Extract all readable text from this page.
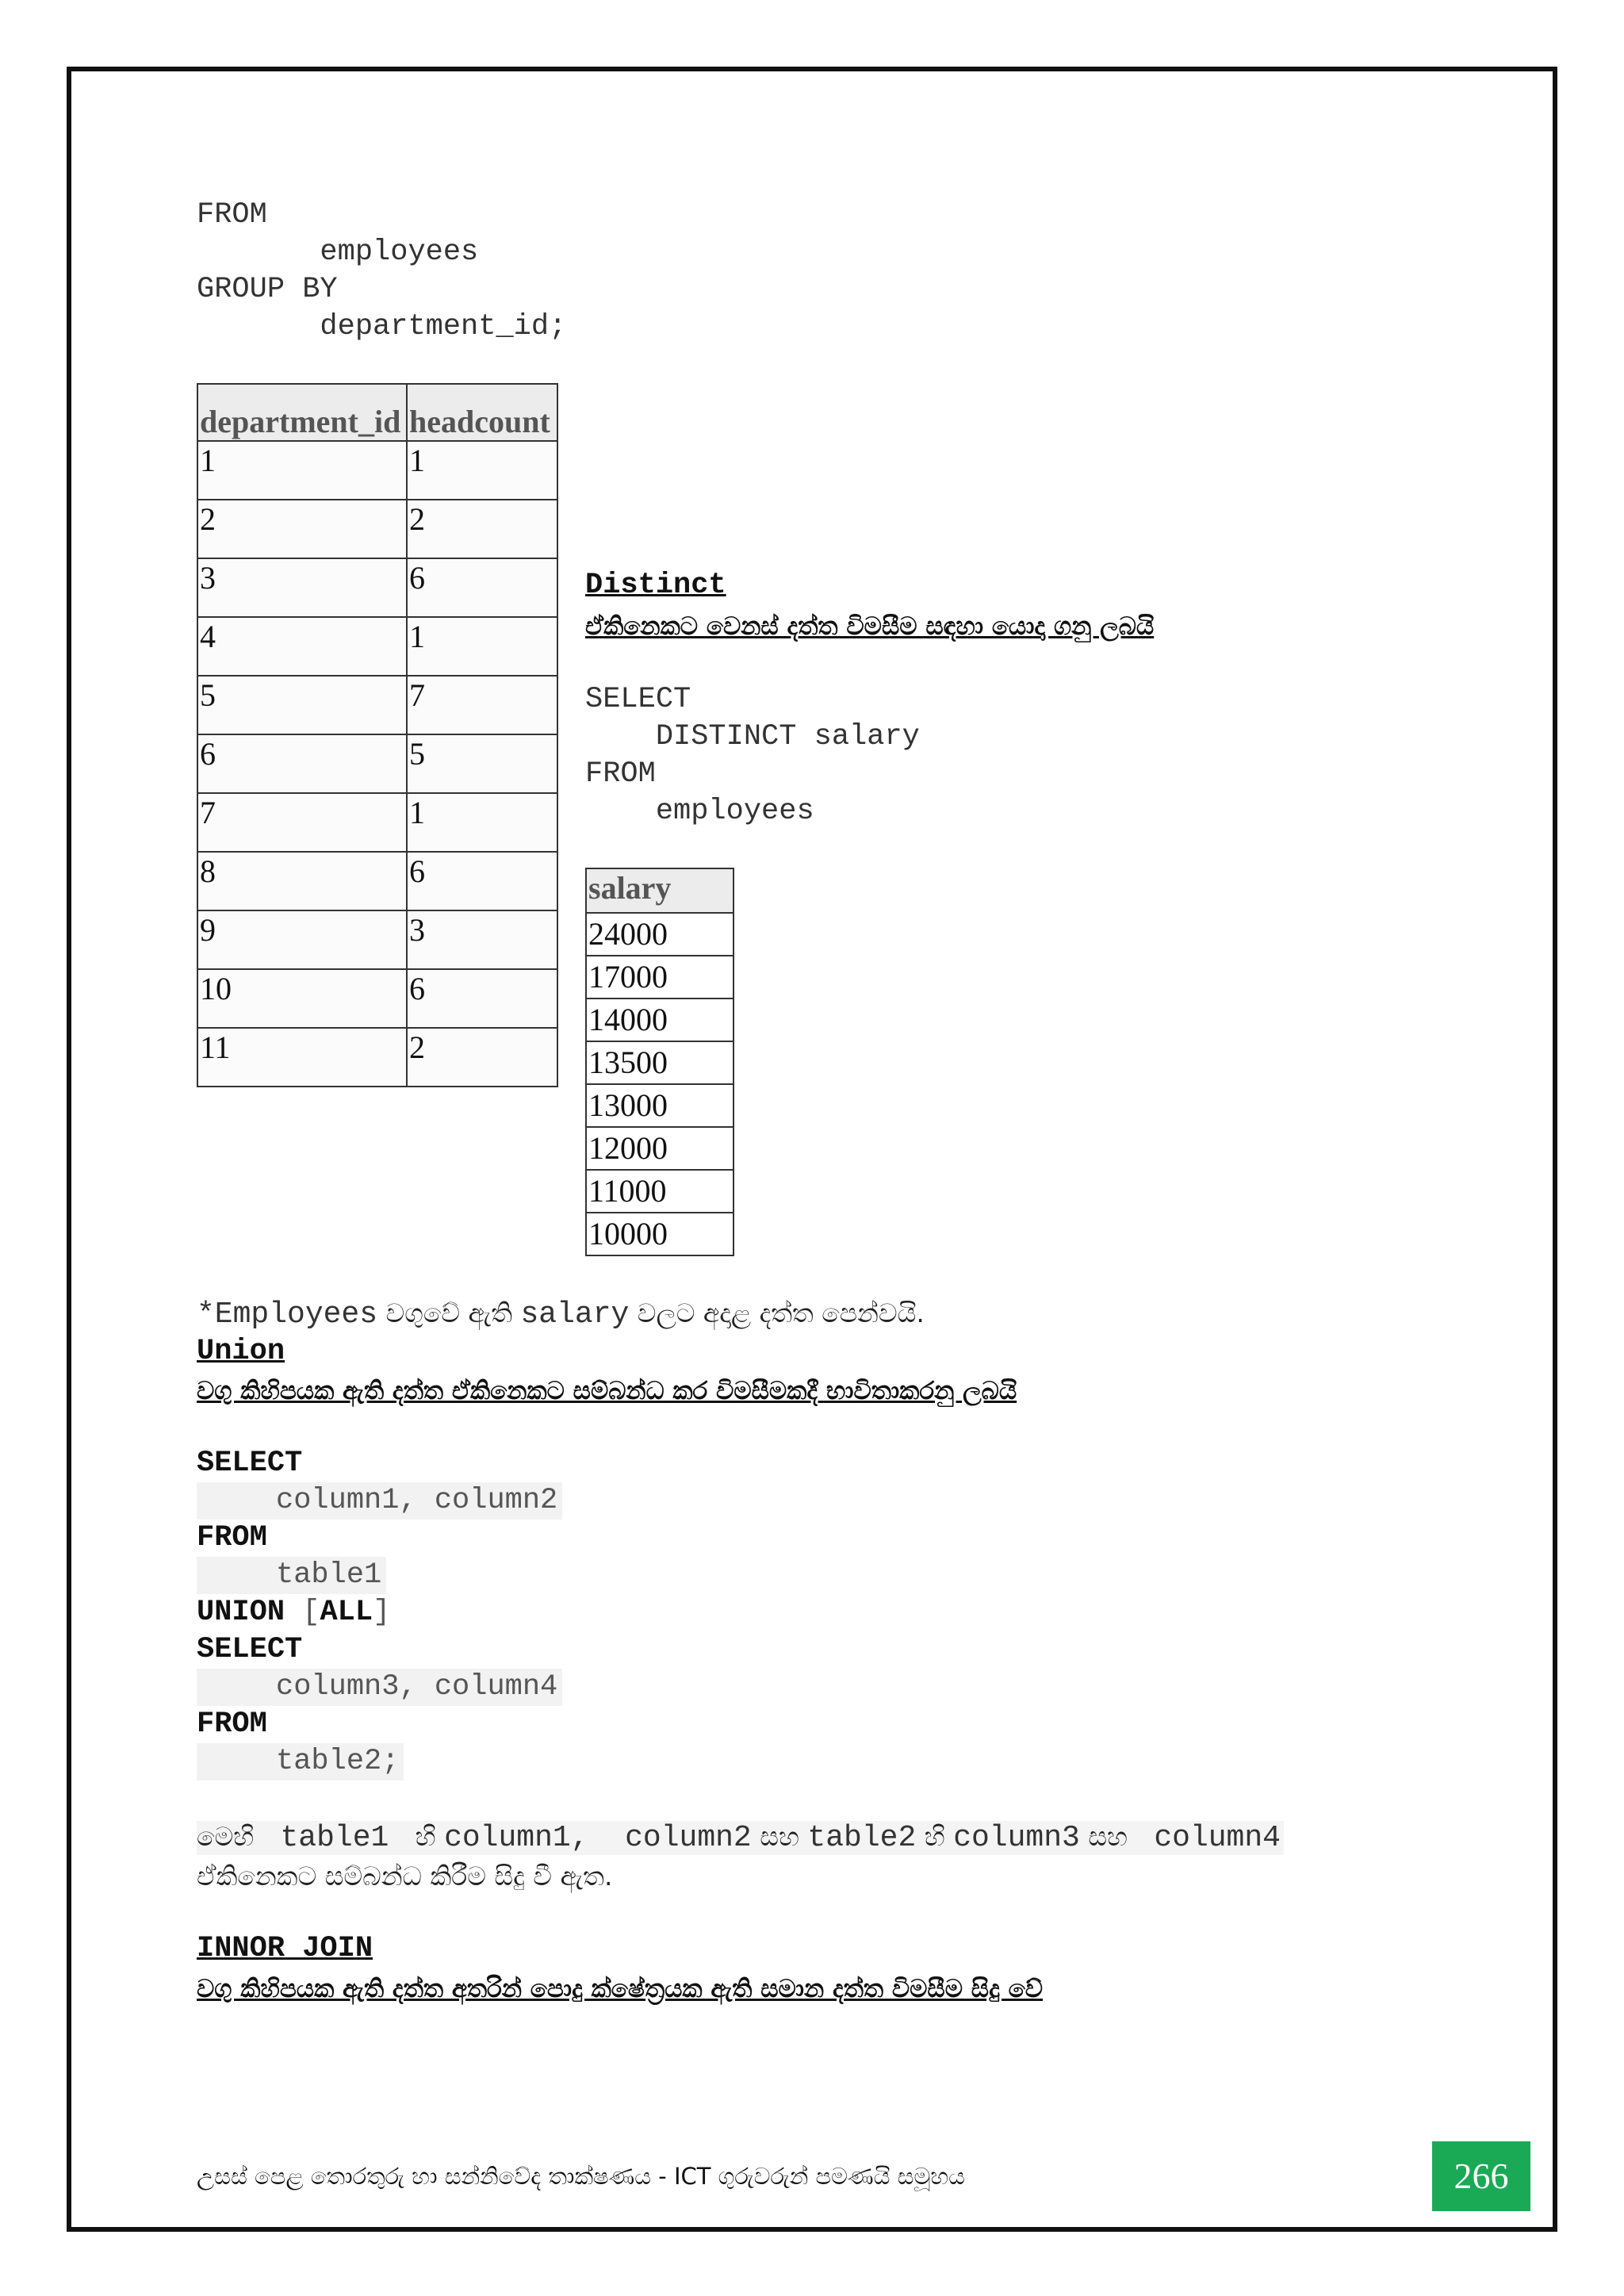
FROM
employees
GROUP BY
department_id;
department_id	headcount
1	1
2	2
3	6
4	1
5	7
6	5
7	1
8	6
9	3
10	6
11	2

Distinct

ඒකිනෙකට වෙනස් දත්ත විමසීම සඳහා යොදා ගනු ලබයි

SELECT
DISTINCT salary
FROM
employees
salary
24000
17000
14000
13500
13000
12000
11000
10000

*Employees වගුවේ ඇති salary වලට අදාළ දත්ත පෙන්වයි.

Union

වගු කිහිපයක ඇති දත්ත ඒකිනෙකට සම්බන්ධ කර විමසීමකදී භාවිතාකරනු ලබයි

SELECT
column1, column2
FROM
table1
UNION [ALL]
SELECT
column3, column4
FROM
table2;

මෙහි  table1  හි column1,  column2 සහ table2 හි column3 සහ  column4

ඒකිනෙකට සම්බන්ධ කිරීම සිදු වී ඇත.

INNOR JOIN

වගු කිහිපයක ඇති දත්ත අතරින් පොදු ක්ෂේත්‍රයක ඇති සමාන දත්ත විමසීම සිදු වේ

උසස් පෙළ තොරතුරු හා සන්නිවේද තාක්ෂණය - ICT ගුරුවරුන් පමණයි සමූහය	266
